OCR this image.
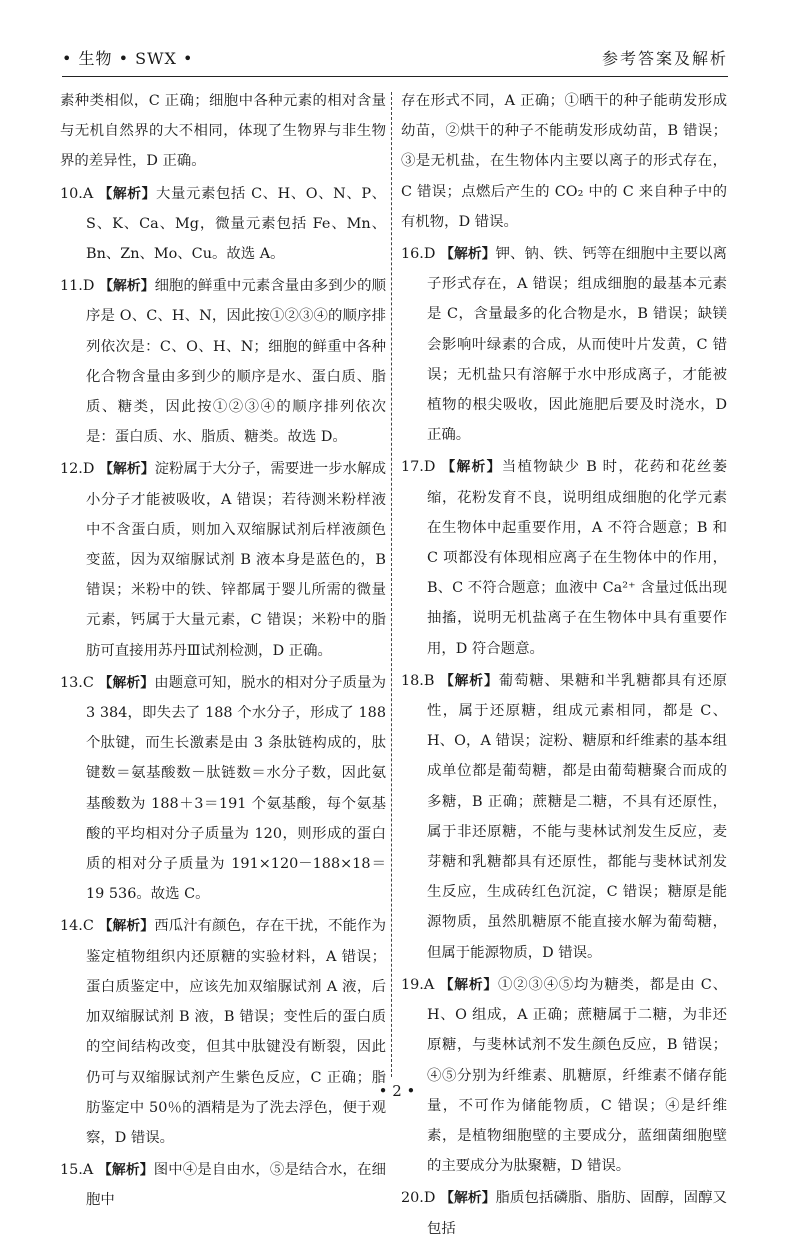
• 生物 • SWX •	参考答案及解析
素种类相似，C 正确；细胞中各种元素的相对含量与无机自然界的大不相同，体现了生物界与非生物界的差异性，D 正确。
10.A 【解析】大量元素包括 C、H、O、N、P、S、K、Ca、Mg，微量元素包括 Fe、Mn、Bn、Zn、Mo、Cu。故选 A。
11.D 【解析】细胞的鲜重中元素含量由多到少的顺序是 O、C、H、N，因此按①②③④的顺序排列依次是：C、O、H、N；细胞的鲜重中各种化合物含量由多到少的顺序是水、蛋白质、脂质、糖类，因此按①②③④的顺序排列依次是：蛋白质、水、脂质、糖类。故选 D。
12.D 【解析】淀粉属于大分子，需要进一步水解成小分子才能被吸收，A 错误；若待测米粉样液中不含蛋白质，则加入双缩脲试剂后样液颜色变蓝，因为双缩脲试剂 B 液本身是蓝色的，B 错误；米粉中的铁、锌都属于婴儿所需的微量元素，钙属于大量元素，C 错误；米粉中的脂肪可直接用苏丹Ⅲ试剂检测，D 正确。
13.C 【解析】由题意可知，脱水的相对分子质量为 3 384，即失去了 188 个水分子，形成了 188 个肽键，而生长激素是由 3 条肽链构成的，肽键数＝氨基酸数－肽链数＝水分子数，因此氨基酸数为 188＋3＝191 个氨基酸，每个氨基酸的平均相对分子质量为 120，则形成的蛋白质的相对分子质量为 191×120－188×18＝19 536。故选 C。
14.C 【解析】西瓜汁有颜色，存在干扰，不能作为鉴定植物组织内还原糖的实验材料，A 错误；蛋白质鉴定中，应该先加双缩脲试剂 A 液，后加双缩脲试剂 B 液，B 错误；变性后的蛋白质的空间结构改变，但其中肽键没有断裂，因此仍可与双缩脲试剂产生紫色反应，C 正确；脂肪鉴定中 50％的酒精是为了洗去浮色，便于观察，D 错误。
15.A 【解析】图中④是自由水，⑤是结合水，在细胞中
存在形式不同，A 正确；①晒干的种子能萌发形成幼苗，②烘干的种子不能萌发形成幼苗，B 错误；③是无机盐，在生物体内主要以离子的形式存在，C 错误；点燃后产生的 CO₂ 中的 C 来自种子中的有机物，D 错误。
16.D 【解析】钾、钠、铁、钙等在细胞中主要以离子形式存在，A 错误；组成细胞的最基本元素是 C，含量最多的化合物是水，B 错误；缺镁会影响叶绿素的合成，从而使叶片发黄，C 错误；无机盐只有溶解于水中形成离子，才能被植物的根尖吸收，因此施肥后要及时浇水，D 正确。
17.D 【解析】当植物缺少 B 时，花药和花丝萎缩，花粉发育不良，说明组成细胞的化学元素在生物体中起重要作用，A 不符合题意；B 和 C 项都没有体现相应离子在生物体中的作用，B、C 不符合题意；血液中 Ca²⁺ 含量过低出现抽搐，说明无机盐离子在生物体中具有重要作用，D 符合题意。
18.B 【解析】葡萄糖、果糖和半乳糖都具有还原性，属于还原糖，组成元素相同，都是 C、H、O，A 错误；淀粉、糖原和纤维素的基本组成单位都是葡萄糖，都是由葡萄糖聚合而成的多糖，B 正确；蔗糖是二糖，不具有还原性，属于非还原糖，不能与斐林试剂发生反应，麦芽糖和乳糖都具有还原性，都能与斐林试剂发生反应，生成砖红色沉淀，C 错误；糖原是能源物质，虽然肌糖原不能直接水解为葡萄糖，但属于能源物质，D 错误。
19.A 【解析】①②③④⑤均为糖类，都是由 C、H、O 组成，A 正确；蔗糖属于二糖，为非还原糖，与斐林试剂不发生颜色反应，B 错误；④⑤分别为纤维素、肌糖原，纤维素不储存能量，不可作为储能物质，C 错误；④是纤维素，是植物细胞壁的主要成分，蓝细菌细胞壁的主要成分为肽聚糖，D 错误。
20.D 【解析】脂质包括磷脂、脂肪、固醇，固醇又包括
• 2 •
